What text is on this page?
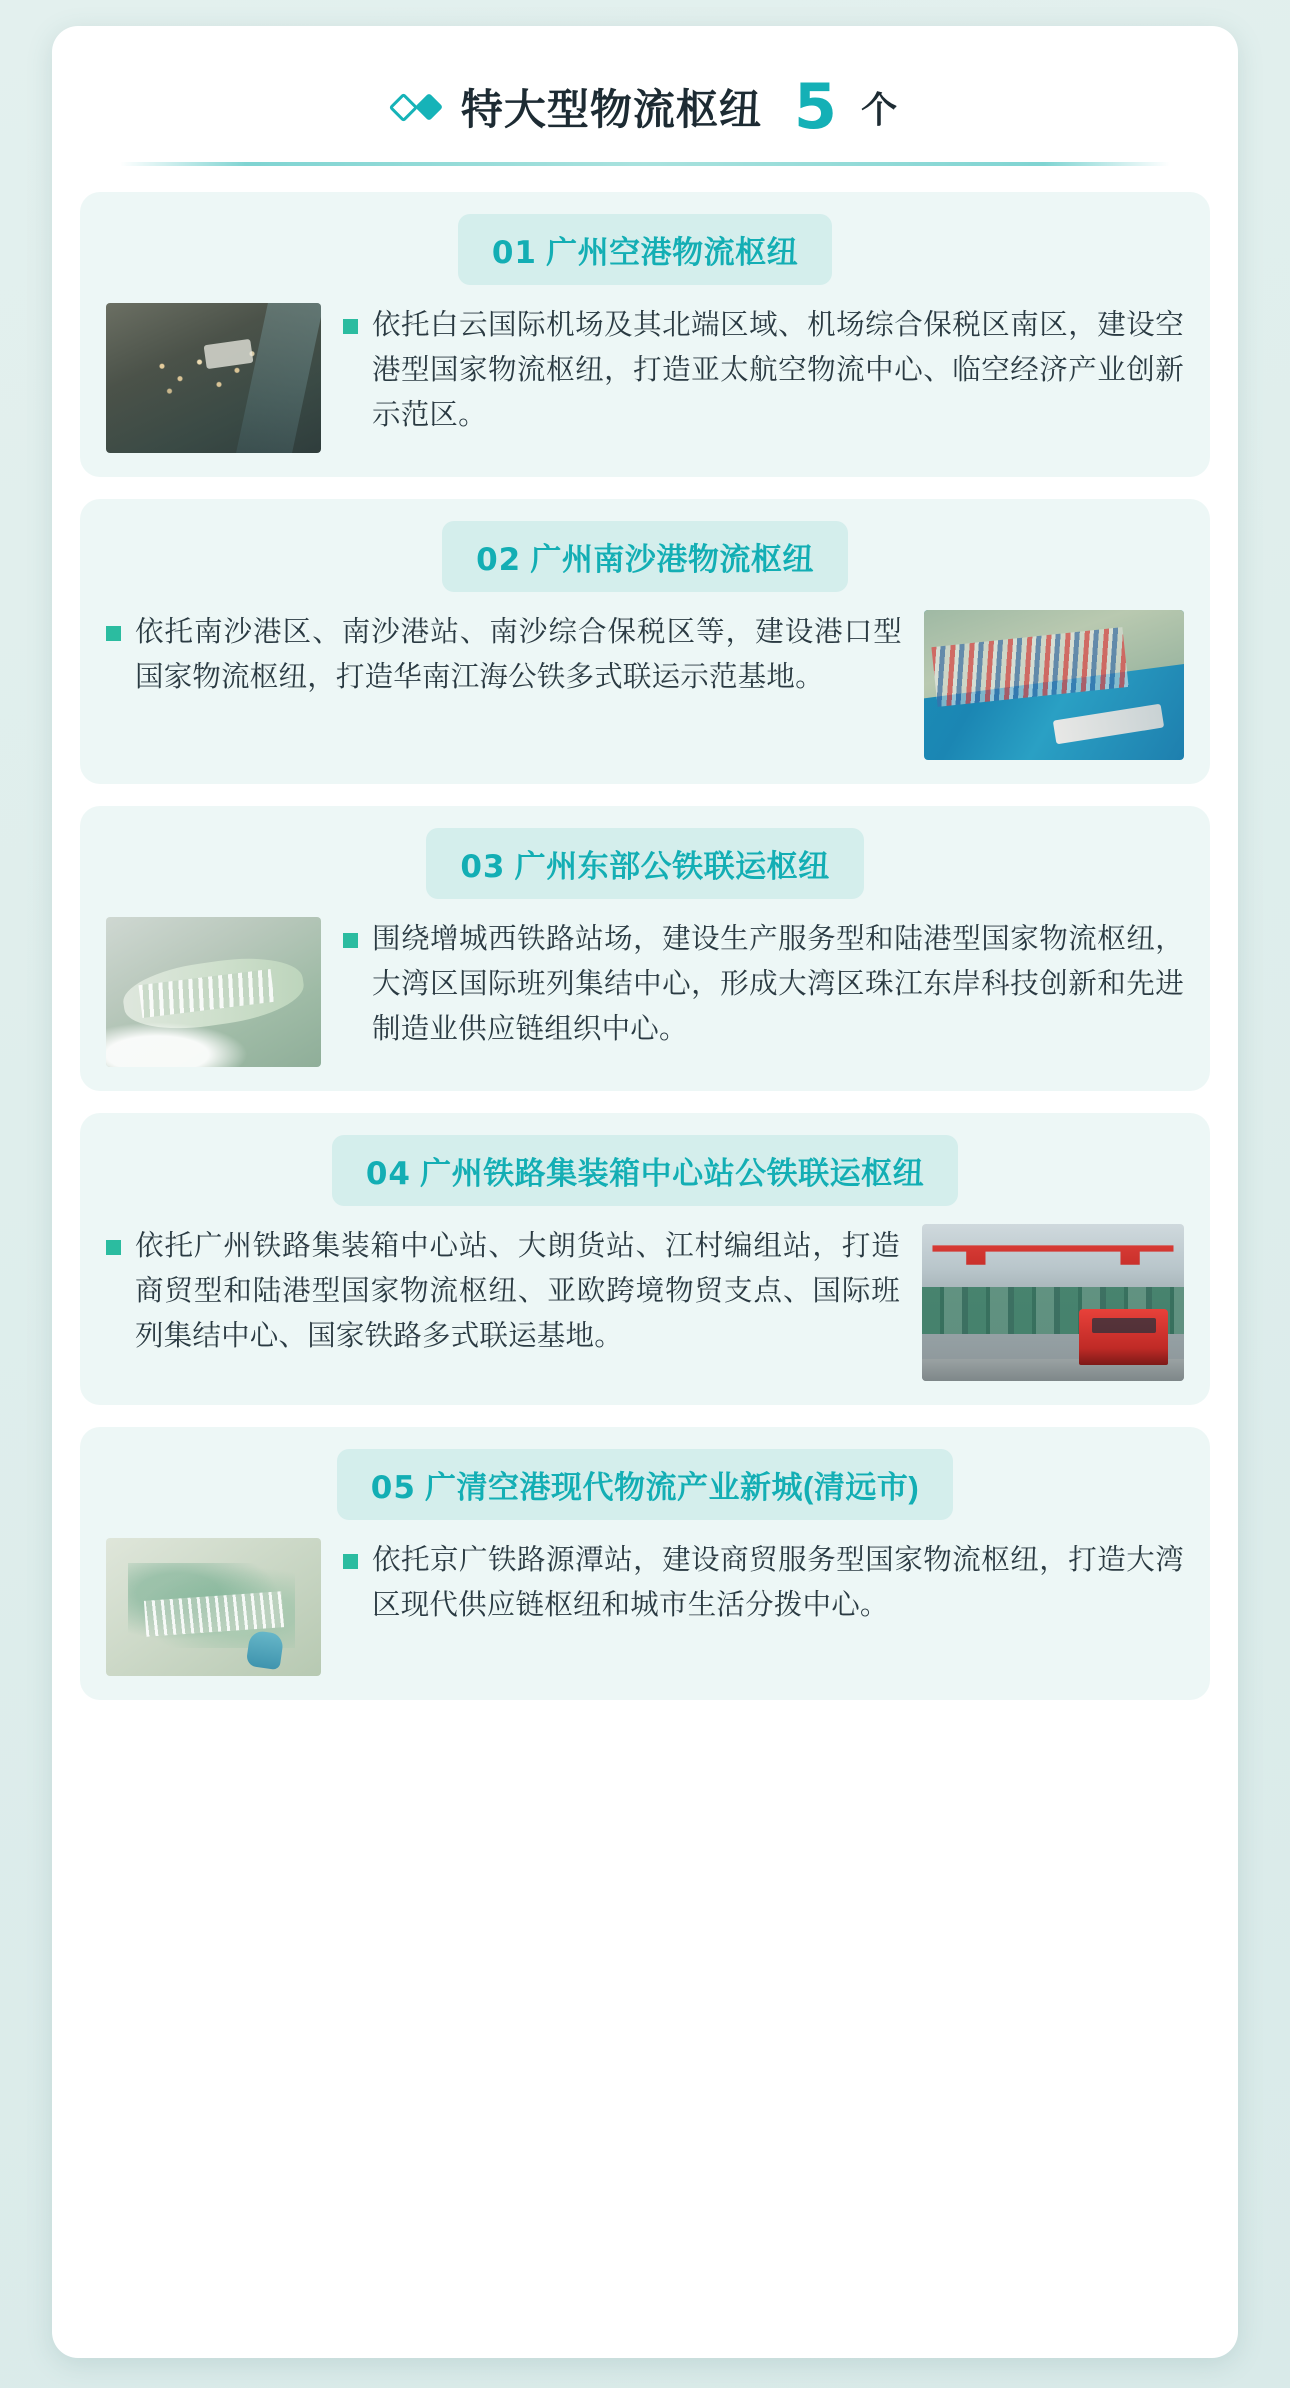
特大型物流枢纽 5 个
01 广州空港物流枢纽
依托白云国际机场及其北端区域、机场综合保税区南区，建设空港型国家物流枢纽，打造亚太航空物流中心、临空经济产业创新示范区。
02 广州南沙港物流枢纽
依托南沙港区、南沙港站、南沙综合保税区等，建设港口型国家物流枢纽，打造华南江海公铁多式联运示范基地。
03 广州东部公铁联运枢纽
围绕增城西铁路站场，建设生产服务型和陆港型国家物流枢纽，大湾区国际班列集结中心，形成大湾区珠江东岸科技创新和先进制造业供应链组织中心。
04 广州铁路集装箱中心站公铁联运枢纽
依托广州铁路集装箱中心站、大朗货站、江村编组站，打造商贸型和陆港型国家物流枢纽、亚欧跨境物贸支点、国际班列集结中心、国家铁路多式联运基地。
05 广清空港现代物流产业新城(清远市)
依托京广铁路源潭站，建设商贸服务型国家物流枢纽，打造大湾区现代供应链枢纽和城市生活分拨中心。
